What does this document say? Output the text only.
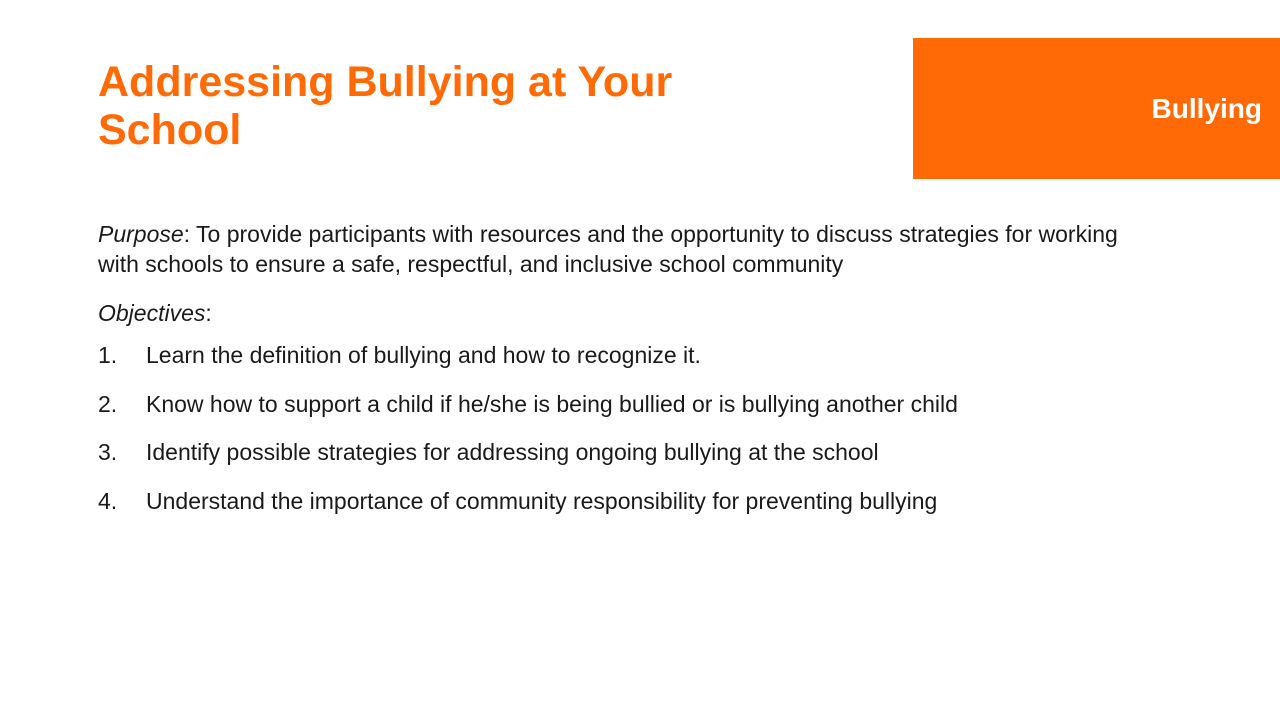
Addressing Bullying at Your School	Bullying

Purpose: To provide participants with resources and the opportunity to discuss strategies for working with schools to ensure a safe, respectful, and inclusive school community

Objectives:

1. Learn the definition of bullying and how to recognize it.
2. Know how to support a child if he/she is being bullied or is bullying another child
3. Identify possible strategies for addressing ongoing bullying at the school
4. Understand the importance of community responsibility for preventing bullying
